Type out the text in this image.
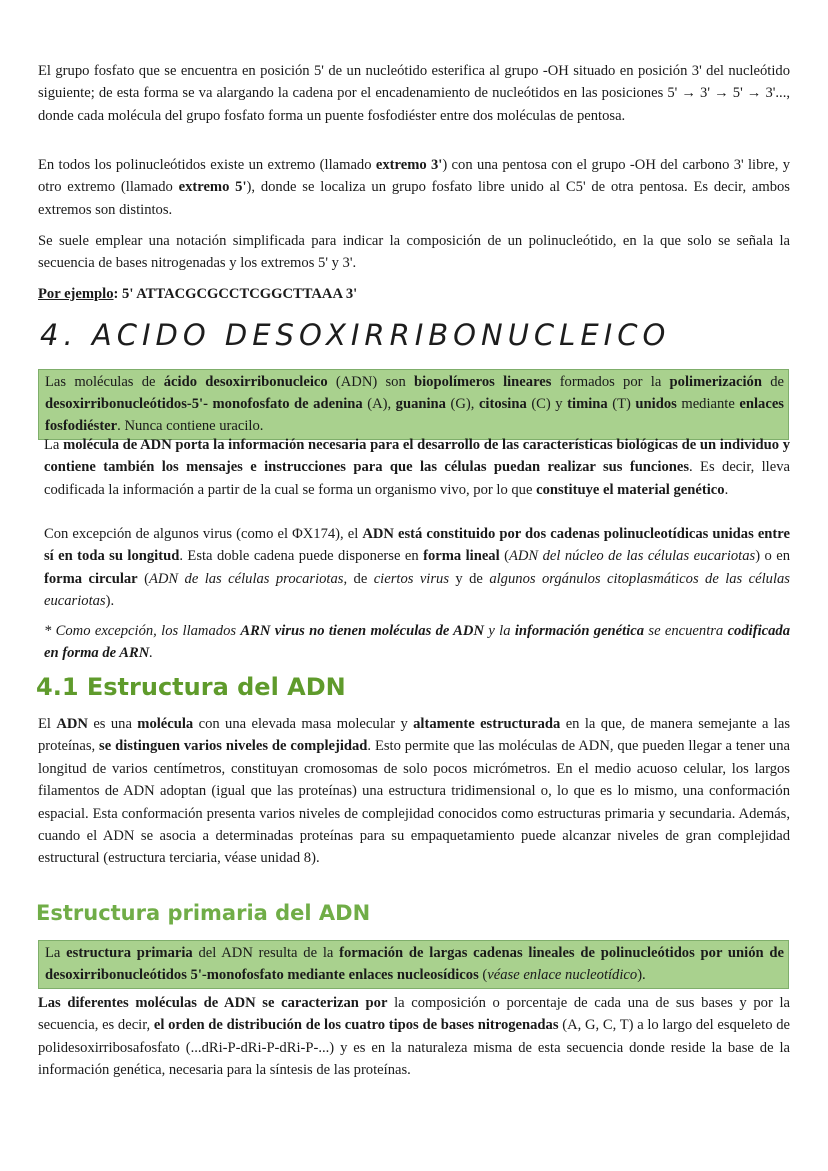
El grupo fosfato que se encuentra en posición 5' de un nucleótido esterifica al grupo -OH situado en posición 3' del nucleótido siguiente; de esta forma se va alargando la cadena por el encadenamiento de nucleótidos en las posiciones 5' → 3' → 5' → 3'..., donde cada molécula del grupo fosfato forma un puente fosfodiéster entre dos moléculas de pentosa.

En todos los polinucleótidos existe un extremo (llamado extremo 3') con una pentosa con el grupo -OH del carbono 3' libre, y otro extremo (llamado extremo 5'), donde se localiza un grupo fosfato libre unido al C5' de otra pentosa. Es decir, ambos extremos son distintos.

Se suele emplear una notación simplificada para indicar la composición de un polinucleótido, en la que solo se señala la secuencia de bases nitrogenadas y los extremos 5' y 3'.

Por ejemplo: 5' ATTACGCGCCTCGGCTTAAA 3'

4. ACIDO DESOXIRRIBONUCLEICO
Las moléculas de ácido desoxirribonucleico (ADN) son biopolímeros lineares formados por la polimerización de desoxirribonucleótidos-5'- monofosfato de adenina (A), guanina (G), citosina (C) y timina (T) unidos mediante enlaces fosfodiéster. Nunca contiene uracilo.

La molécula de ADN porta la información necesaria para el desarrollo de las características biológicas de un individuo y contiene también los mensajes e instrucciones para que las células puedan realizar sus funciones. Es decir, lleva codificada la información a partir de la cual se forma un organismo vivo, por lo que constituye el material genético.

Con excepción de algunos virus (como el ΦX174), el ADN está constituido por dos cadenas polinucleotídicas unidas entre sí en toda su longitud. Esta doble cadena puede disponerse en forma lineal (ADN del núcleo de las células eucariotas) o en forma circular (ADN de las células procariotas, de ciertos virus y de algunos orgánulos citoplasmáticos de las células eucariotas).

* Como excepción, los llamados ARN virus no tienen moléculas de ADN y la información genética se encuentra codificada en forma de ARN.

4.1 Estructura del ADN

El ADN es una molécula con una elevada masa molecular y altamente estructurada en la que, de manera semejante a las proteínas, se distinguen varios niveles de complejidad. Esto permite que las moléculas de ADN, que pueden llegar a tener una longitud de varios centímetros, constituyan cromosomas de solo pocos micrómetros. En el medio acuoso celular, los largos filamentos de ADN adoptan (igual que las proteínas) una estructura tridimensional o, lo que es lo mismo, una conformación espacial. Esta conformación presenta varios niveles de complejidad conocidos como estructuras primaria y secundaria. Además, cuando el ADN se asocia a determinadas proteínas para su empaquetamiento puede alcanzar niveles de gran complejidad estructural (estructura terciaria, véase unidad 8).

Estructura primaria del ADN
La estructura primaria del ADN resulta de la formación de largas cadenas lineales de polinucleótidos por unión de desoxirribonucleótidos 5'-monofosfato mediante enlaces nucleosídicos (véase enlace nucleotídico).

Las diferentes moléculas de ADN se caracterizan por la composición o porcentaje de cada una de sus bases y por la secuencia, es decir, el orden de distribución de los cuatro tipos de bases nitrogenadas (A, G, C, T) a lo largo del esqueleto de polidesoxirribosafosfato (...dRi-P-dRi-P-dRi-P-...) y es en la naturaleza misma de esta secuencia donde reside la base de la información genética, necesaria para la síntesis de las proteínas.
